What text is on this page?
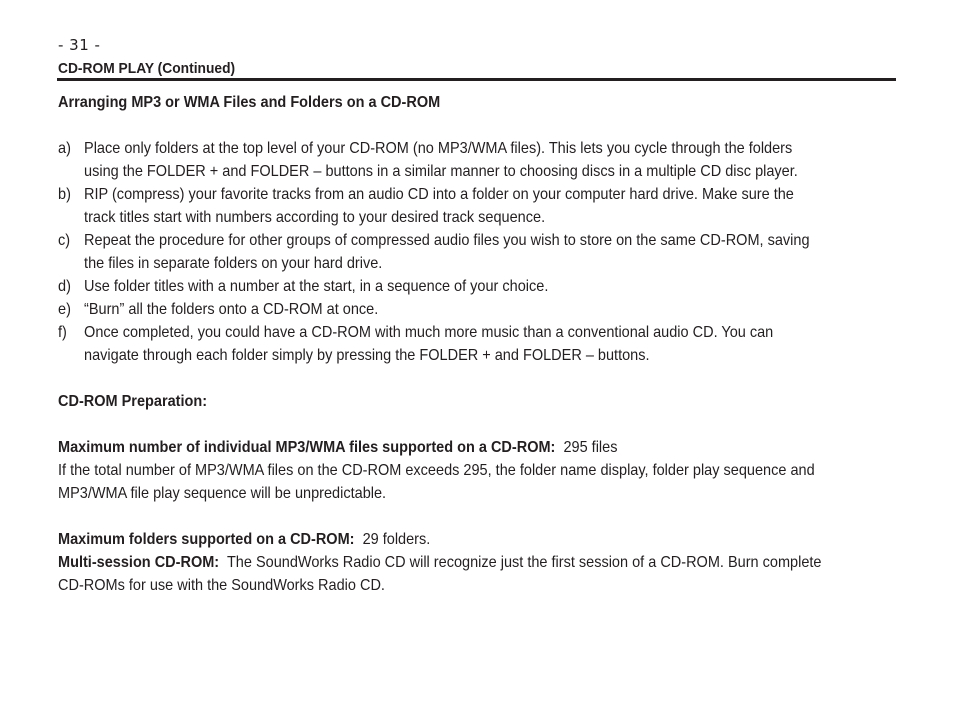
- 31 -
CD-ROM PLAY (Continued)

Arranging MP3 or WMA Files and Folders on a CD-ROM

a) Place only folders at the top level of your CD-ROM (no MP3/WMA files). This lets you cycle through the folders
using the FOLDER + and FOLDER – buttons in a similar manner to choosing discs in a multiple CD disc player.
b) RIP (compress) your favorite tracks from an audio CD into a folder on your computer hard drive. Make sure the
track titles start with numbers according to your desired track sequence.
c) Repeat the procedure for other groups of compressed audio files you wish to store on the same CD-ROM, saving
the files in separate folders on your hard drive.
d) Use folder titles with a number at the start, in a sequence of your choice.
e) “Burn” all the folders onto a CD-ROM at once.
f) Once completed, you could have a CD-ROM with much more music than a conventional audio CD. You can
navigate through each folder simply by pressing the FOLDER + and FOLDER – buttons.

CD-ROM Preparation:

Maximum number of individual MP3/WMA files supported on a CD-ROM: 295 files

If the total number of MP3/WMA files on the CD-ROM exceeds 295, the folder name display, folder play sequence and
MP3/WMA file play sequence will be unpredictable.

Maximum folders supported on a CD-ROM: 29 folders.

Multi-session CD-ROM: The SoundWorks Radio CD will recognize just the first session of a CD-ROM. Burn complete

CD-ROMs for use with the SoundWorks Radio CD.
